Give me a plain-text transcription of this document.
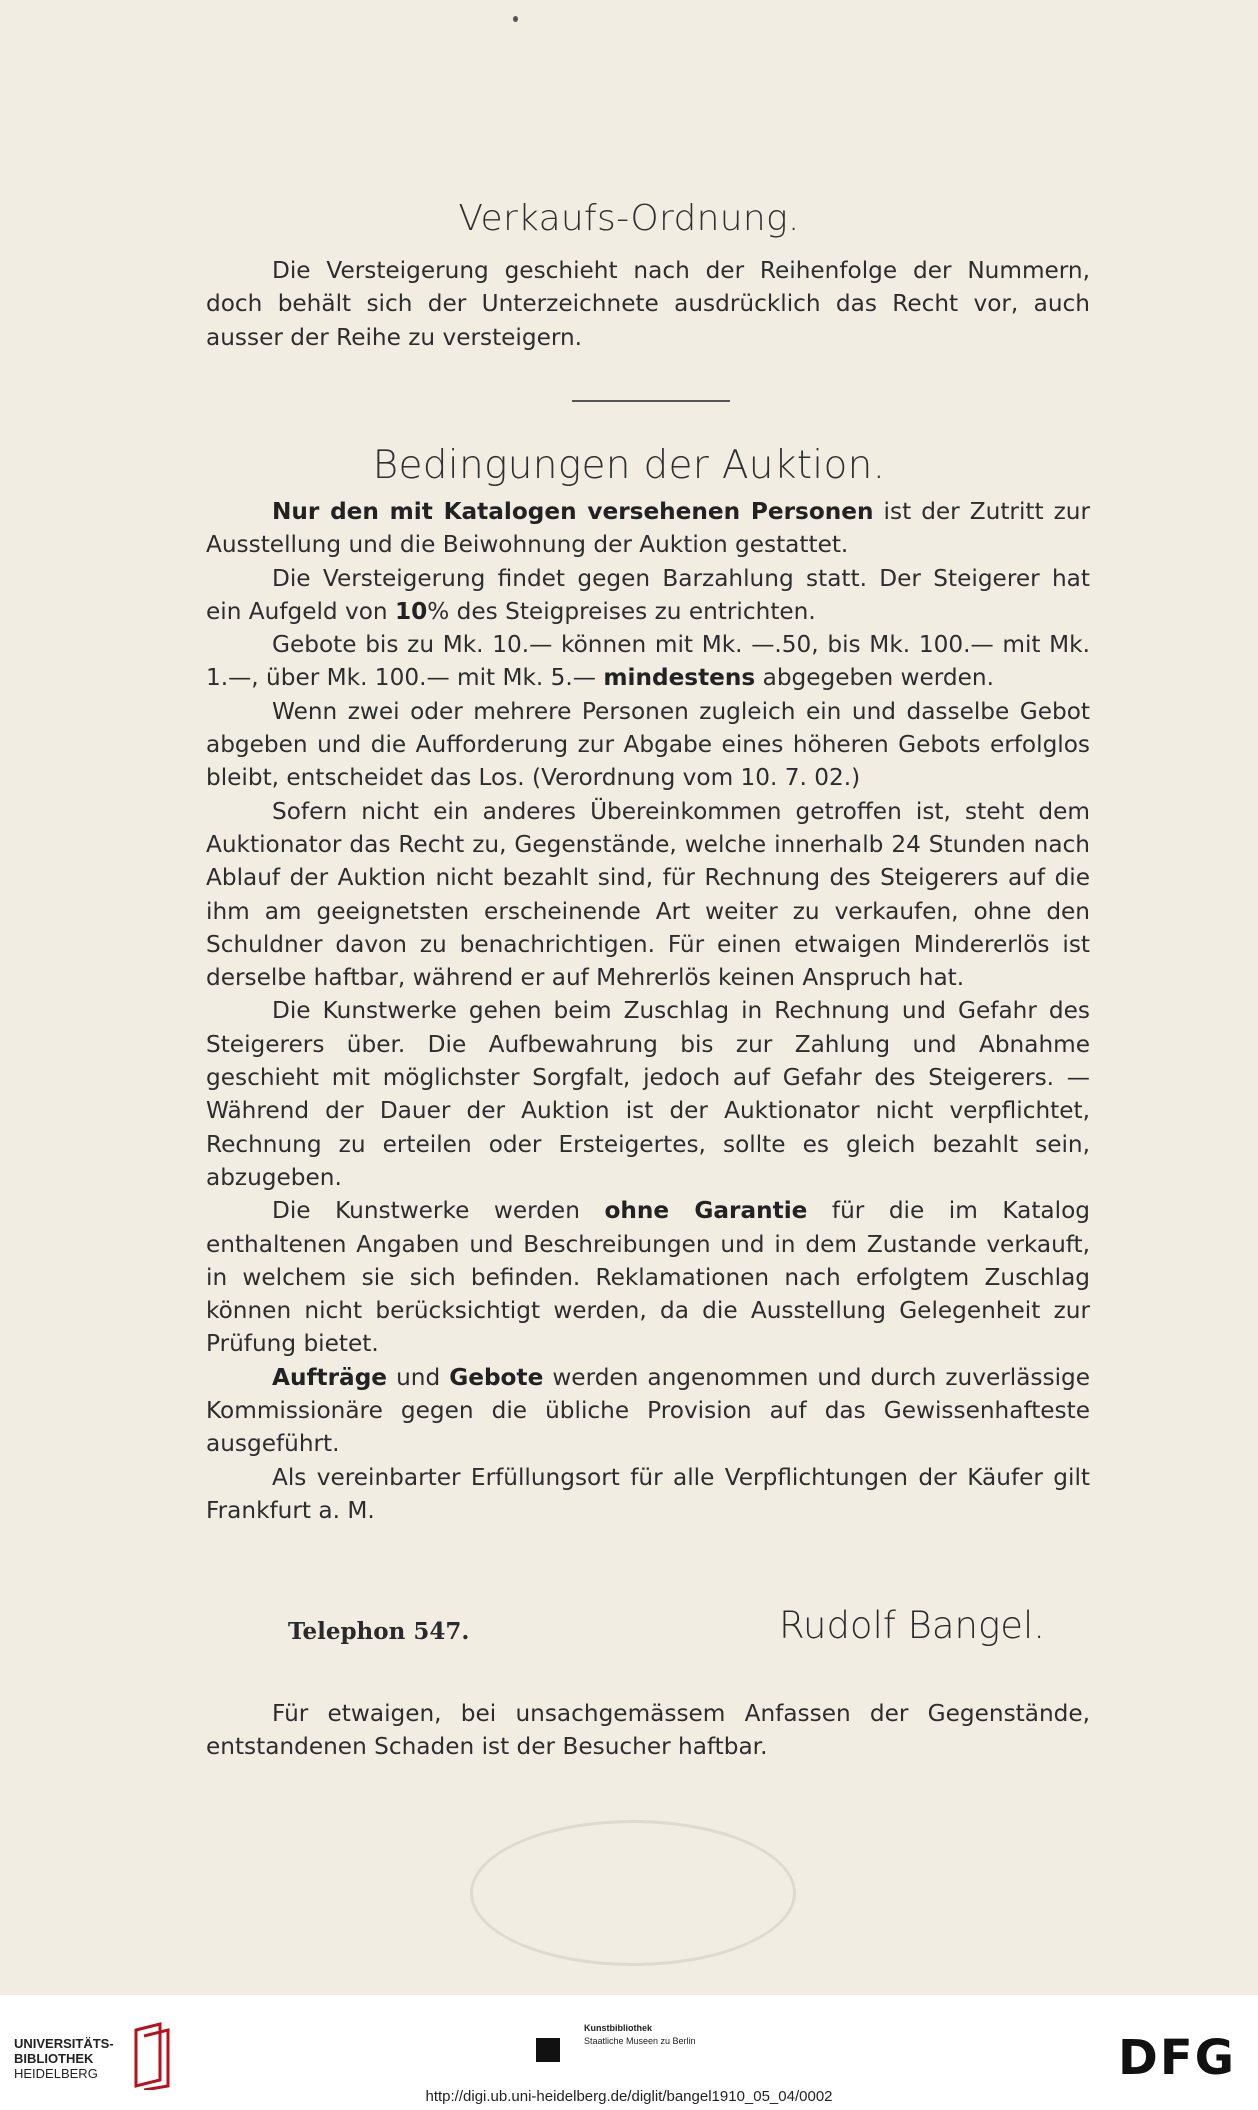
Verkaufs-Ordnung.

Die Versteigerung geschieht nach der Reihenfolge der Nummern, doch behält sich der Unterzeichnete ausdrücklich das Recht vor, auch ausser der Reihe zu versteigern.

Bedingungen der Auktion.

Nur den mit Katalogen versehenen Personen ist der Zutritt zur Ausstellung und die Beiwohnung der Auktion gestattet.

Die Versteigerung findet gegen Barzahlung statt. Der Steigerer hat ein Aufgeld von 10% des Steigpreises zu entrichten.

Gebote bis zu Mk. 10.— können mit Mk. —.50, bis Mk. 100.— mit Mk. 1.—, über Mk. 100.— mit Mk. 5.— mindestens abgegeben werden.

Wenn zwei oder mehrere Personen zugleich ein und dasselbe Gebot abgeben und die Aufforderung zur Abgabe eines höheren Gebots erfolglos bleibt, entscheidet das Los. (Verordnung vom 10. 7. 02.)

Sofern nicht ein anderes Übereinkommen getroffen ist, steht dem Auktionator das Recht zu, Gegenstände, welche innerhalb 24 Stunden nach Ablauf der Auktion nicht bezahlt sind, für Rechnung des Steigerers auf die ihm am geeignetsten erscheinende Art weiter zu verkaufen, ohne den Schuldner davon zu benachrichtigen. Für einen etwaigen Mindererlös ist derselbe haftbar, während er auf Mehrerlös keinen Anspruch hat.

Die Kunstwerke gehen beim Zuschlag in Rechnung und Gefahr des Steigerers über. Die Aufbewahrung bis zur Zahlung und Abnahme geschieht mit möglichster Sorgfalt, jedoch auf Gefahr des Steigerers. — Während der Dauer der Auktion ist der Auktionator nicht verpflichtet, Rechnung zu erteilen oder Ersteigertes, sollte es gleich bezahlt sein, abzugeben.

Die Kunstwerke werden ohne Garantie für die im Katalog enthaltenen Angaben und Beschreibungen und in dem Zustande verkauft, in welchem sie sich befinden. Reklamationen nach erfolgtem Zuschlag können nicht berücksichtigt werden, da die Ausstellung Gelegenheit zur Prüfung bietet.

Aufträge und Gebote werden angenommen und durch zuverlässige Kommissionäre gegen die übliche Provision auf das Gewissenhafteste ausgeführt.

Als vereinbarter Erfüllungsort für alle Verpflichtungen der Käufer gilt Frankfurt a. M.

Telephon 547.	Rudolf Bangel.

Für etwaigen, bei unsachgemässem Anfassen der Gegenstände, entstandenen Schaden ist der Besucher haftbar.

UNIVERSITÄTS-
BIBLIOTHEK
HEIDELBERG
Kunstbibliothek
Staatliche Museen zu Berlin	DFG
http://digi.ub.uni-heidelberg.de/diglit/bangel1910_05_04/0002
